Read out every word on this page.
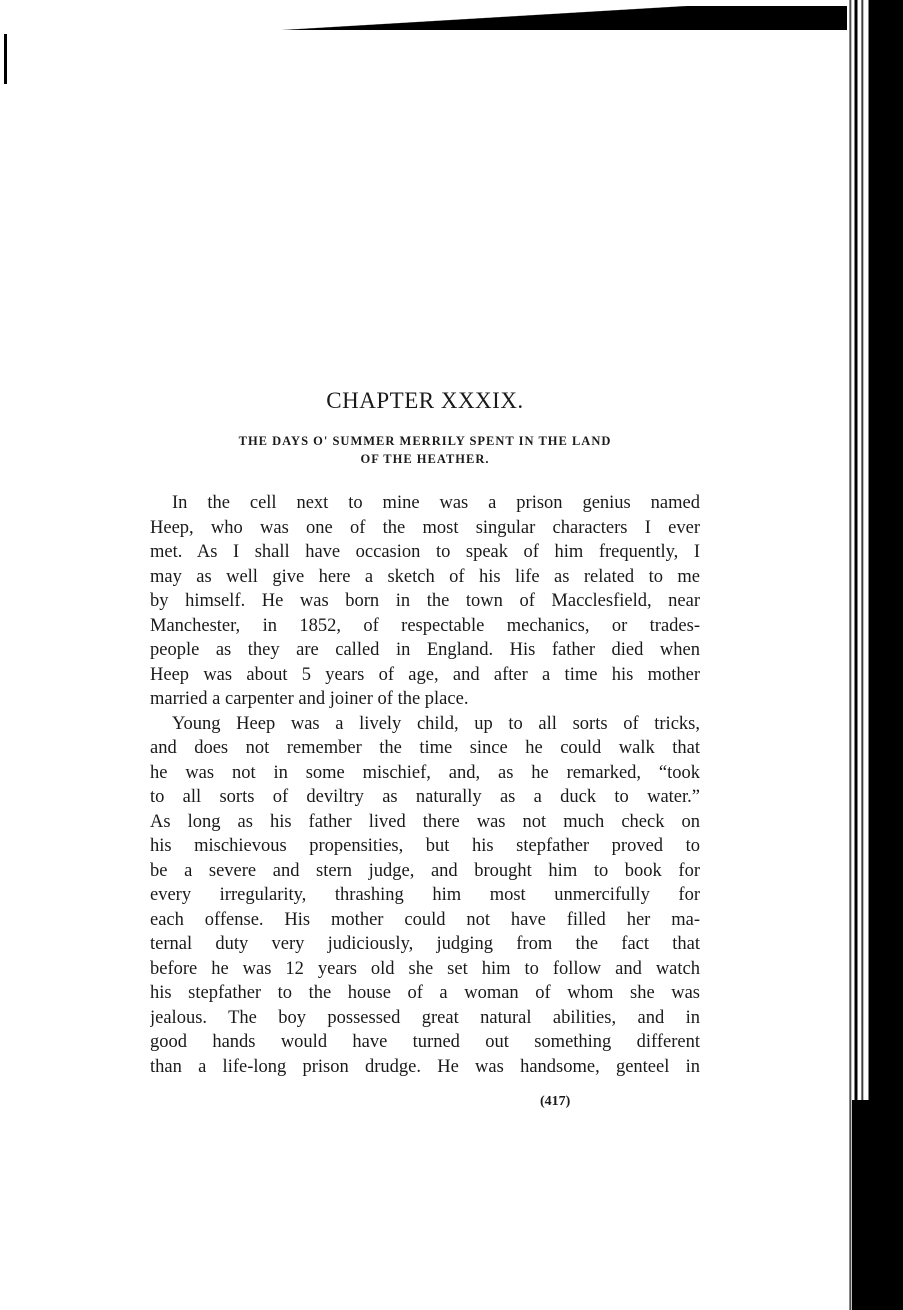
CHAPTER XXXIX.
THE DAYS O' SUMMER MERRILY SPENT IN THE LAND
OF THE HEATHER.
In the cell next to mine was a prison genius named
Heep, who was one of the most singular characters I ever
met. As I shall have occasion to speak of him frequently, I
may as well give here a sketch of his life as related to me
by himself. He was born in the town of Macclesfield, near
Manchester, in 1852, of respectable mechanics, or trades-
people as they are called in England. His father died when
Heep was about 5 years of age, and after a time his mother
married a carpenter and joiner of the place.
Young Heep was a lively child, up to all sorts of tricks,
and does not remember the time since he could walk that
he was not in some mischief, and, as he remarked, “took
to all sorts of deviltry as naturally as a duck to water.”
As long as his father lived there was not much check on
his mischievous propensities, but his stepfather proved to
be a severe and stern judge, and brought him to book for
every irregularity, thrashing him most unmercifully for
each offense. His mother could not have filled her ma-
ternal duty very judiciously, judging from the fact that
before he was 12 years old she set him to follow and watch
his stepfather to the house of a woman of whom she was
jealous. The boy possessed great natural abilities, and in
good hands would have turned out something different
than a life-long prison drudge. He was handsome, genteel in
(417)
